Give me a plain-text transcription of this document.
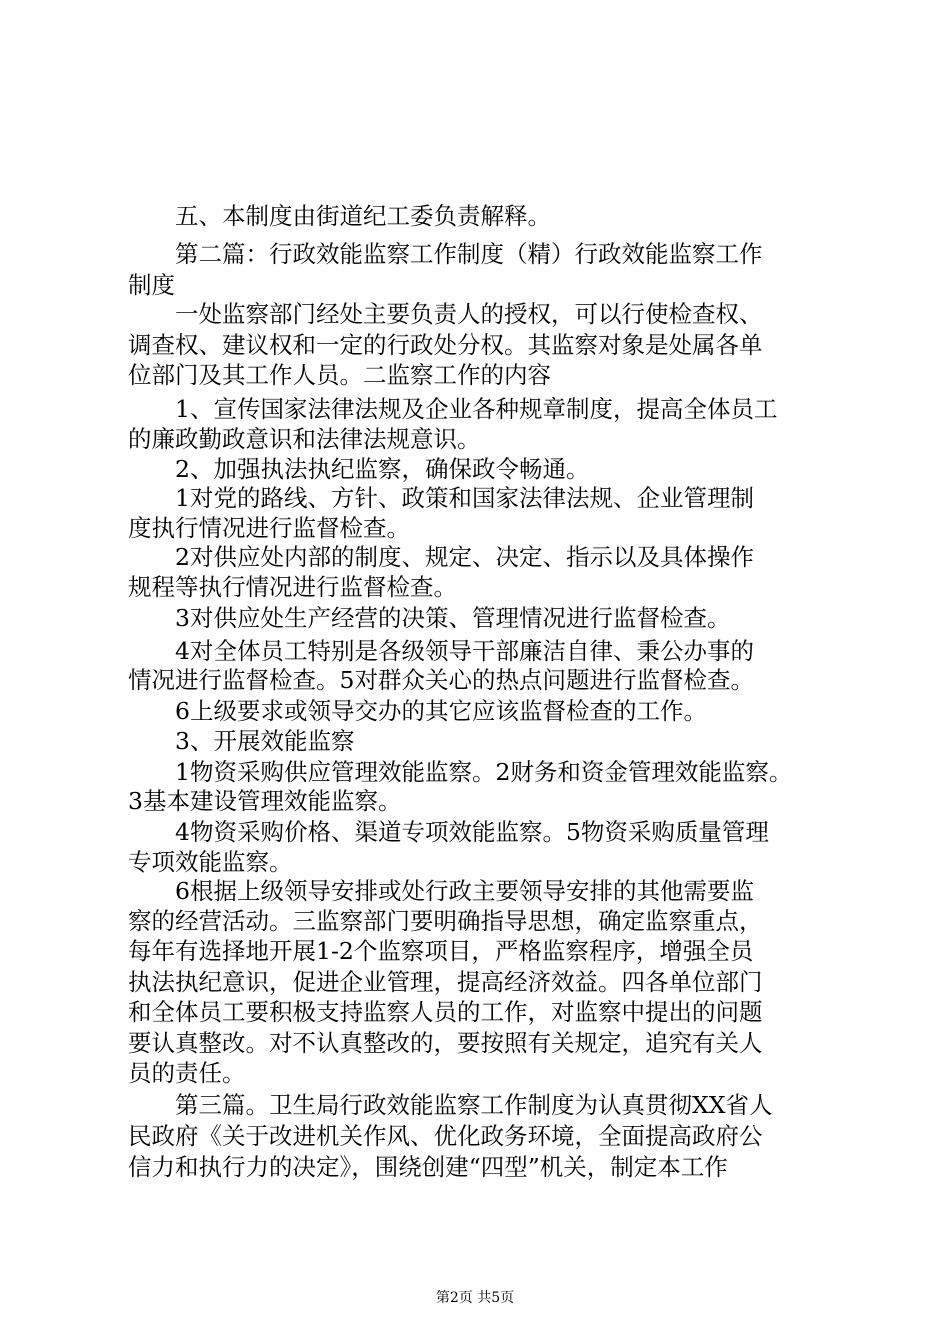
　　五、本制度由街道纪工委负责解释。
　　第二篇：行政效能监察工作制度（精）行政效能监察工作
制度
　　一处监察部门经处主要负责人的授权，可以行使检查权、
调查权、建议权和一定的行政处分权。其监察对象是处属各单
位部门及其工作人员。二监察工作的内容
　　1、宣传国家法律法规及企业各种规章制度，提高全体员工
的廉政勤政意识和法律法规意识。
　　2、加强执法执纪监察，确保政令畅通。
　　1对党的路线、方针、政策和国家法律法规、企业管理制
度执行情况进行监督检查。
　　2对供应处内部的制度、规定、决定、指示以及具体操作
规程等执行情况进行监督检查。
　　3对供应处生产经营的决策、管理情况进行监督检查。
　　4对全体员工特别是各级领导干部廉洁自律、秉公办事的
情况进行监督检查。5对群众关心的热点问题进行监督检查。
　　6上级要求或领导交办的其它应该监督检查的工作。
　　3、开展效能监察
　　1物资采购供应管理效能监察。2财务和资金管理效能监察。
3基本建设管理效能监察。
　　4物资采购价格、渠道专项效能监察。5物资采购质量管理
专项效能监察。
　　6根据上级领导安排或处行政主要领导安排的其他需要监
察的经营活动。三监察部门要明确指导思想，确定监察重点，
每年有选择地开展1-2个监察项目，严格监察程序，增强全员
执法执纪意识，促进企业管理，提高经济效益。四各单位部门
和全体员工要积极支持监察人员的工作，对监察中提出的问题
要认真整改。对不认真整改的，要按照有关规定，追究有关人
员的责任。
　　第三篇。卫生局行政效能监察工作制度为认真贯彻XX省人
民政府《关于改进机关作风、优化政务环境，全面提高政府公
信力和执行力的决定》，围绕创建“四型”机关，制定本工作
第2页 共5页
